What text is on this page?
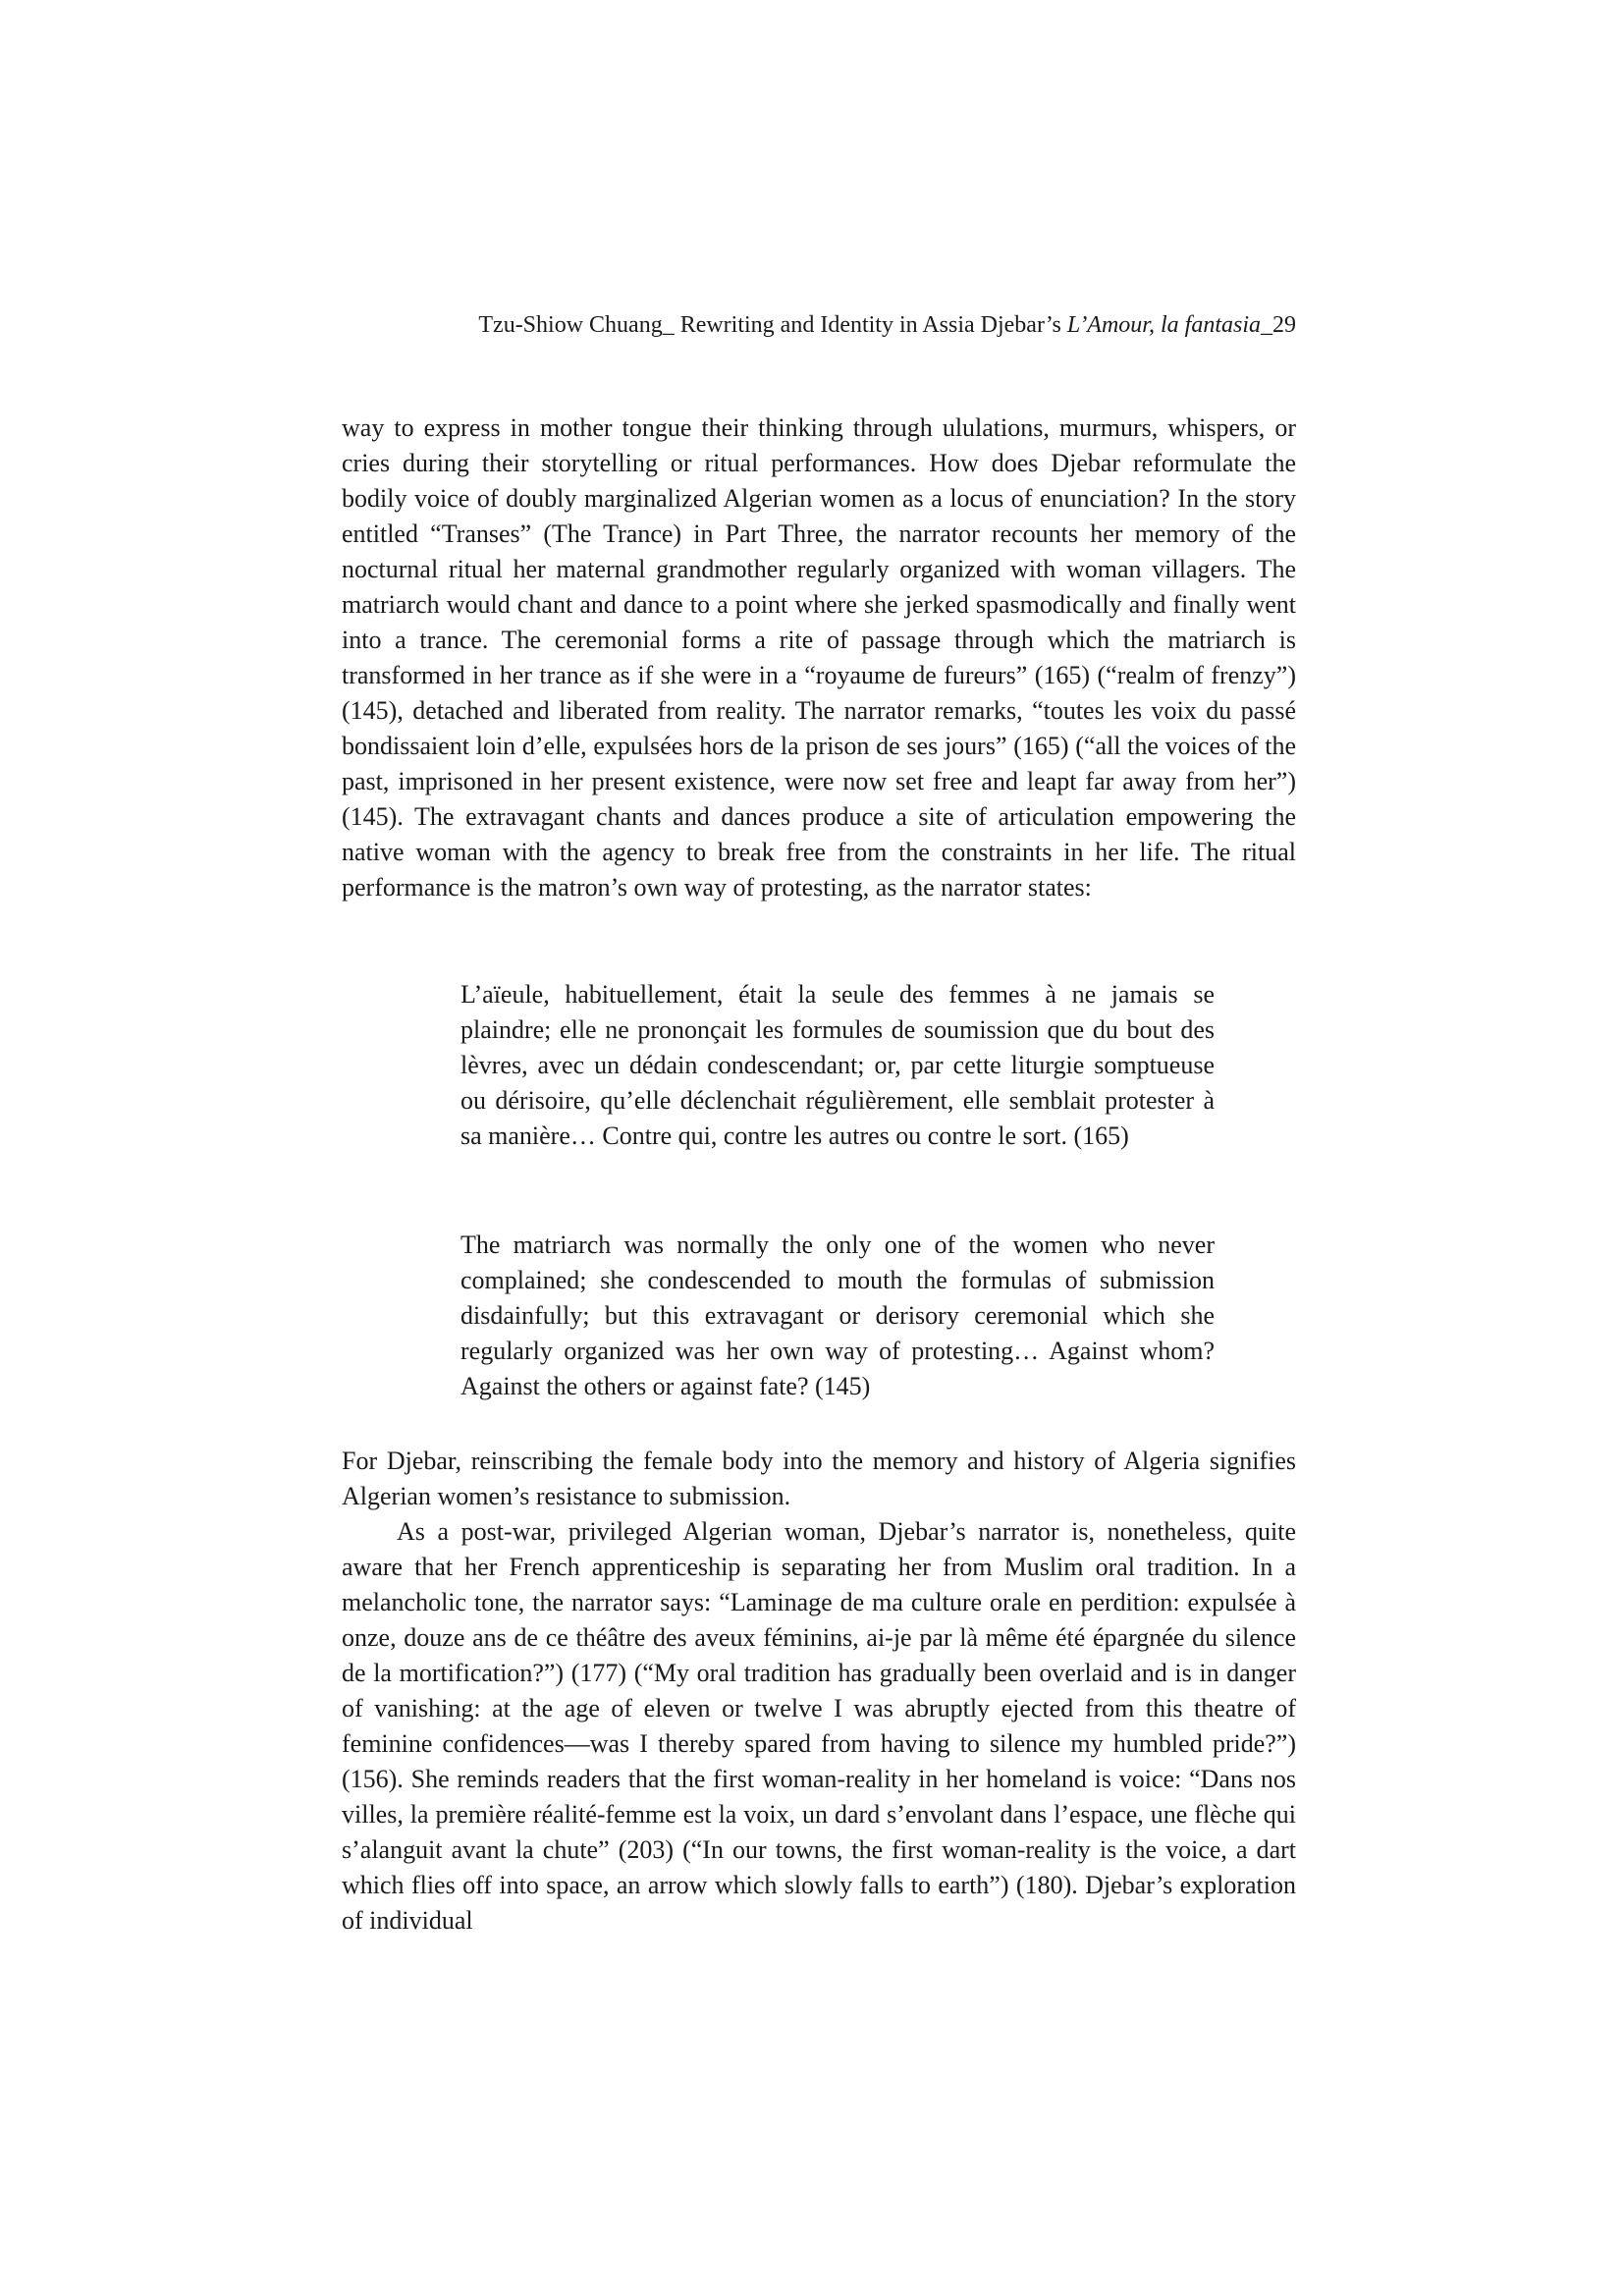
Tzu-Shiow Chuang_ Rewriting and Identity in Assia Djebar’s L’Amour, la fantasia_29

way to express in mother tongue their thinking through ululations, murmurs, whispers, or cries during their storytelling or ritual performances. How does Djebar reformulate the bodily voice of doubly marginalized Algerian women as a locus of enunciation? In the story entitled “Transes” (The Trance) in Part Three, the narrator recounts her memory of the nocturnal ritual her maternal grandmother regularly organized with woman villagers. The matriarch would chant and dance to a point where she jerked spasmodically and finally went into a trance. The ceremonial forms a rite of passage through which the matriarch is transformed in her trance as if she were in a “royaume de fureurs” (165) (“realm of frenzy”) (145), detached and liberated from reality. The narrator remarks, “toutes les voix du passé bondissaient loin d’elle, expulsées hors de la prison de ses jours” (165) (“all the voices of the past, imprisoned in her present existence, were now set free and leapt far away from her”) (145). The extravagant chants and dances produce a site of articulation empowering the native woman with the agency to break free from the constraints in her life. The ritual performance is the matron’s own way of protesting, as the narrator states:

L’aïeule, habituellement, était la seule des femmes à ne jamais se plaindre; elle ne prononçait les formules de soumission que du bout des lèvres, avec un dédain condescendant; or, par cette liturgie somptueuse ou dérisoire, qu’elle déclenchait régulièrement, elle semblait protester à sa manière… Contre qui, contre les autres ou contre le sort. (165)

The matriarch was normally the only one of the women who never complained; she condescended to mouth the formulas of submission disdainfully; but this extravagant or derisory ceremonial which she regularly organized was her own way of protesting… Against whom? Against the others or against fate? (145)

For Djebar, reinscribing the female body into the memory and history of Algeria signifies Algerian women’s resistance to submission.

As a post-war, privileged Algerian woman, Djebar’s narrator is, nonetheless, quite aware that her French apprenticeship is separating her from Muslim oral tradition. In a melancholic tone, the narrator says: “Laminage de ma culture orale en perdition: expulsée à onze, douze ans de ce théâtre des aveux féminins, ai-je par là même été épargnée du silence de la mortification?”) (177) (“My oral tradition has gradually been overlaid and is in danger of vanishing: at the age of eleven or twelve I was abruptly ejected from this theatre of feminine confidences—was I thereby spared from having to silence my humbled pride?”) (156). She reminds readers that the first woman-reality in her homeland is voice: “Dans nos villes, la première réalité-femme est la voix, un dard s’envolant dans l’espace, une flèche qui s’alanguit avant la chute” (203) (“In our towns, the first woman-reality is the voice, a dart which flies off into space, an arrow which slowly falls to earth”) (180). Djebar’s exploration of individual
